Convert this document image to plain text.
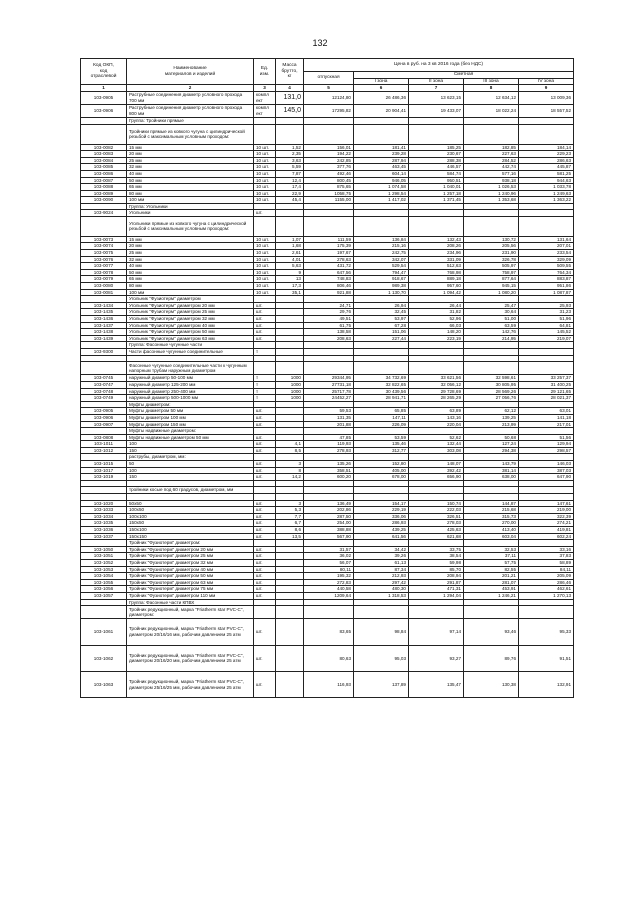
132
Код ОКП,
код
отраслевой	Наименование
материалов и изделий	Ед.
изм.	Масса
брутто,
кг	Цена в руб. на 3 кв 2016 года (без НДС)				
				отпускная	Сметная			
					I зона	II зона	III зона	IV зона
1	2	3	4	5	6	7	8	9
103-0905	Раструбные соединения диаметр условного прохода 700 мм	компл ект	131,0	12124,80	26 486,36	13 623,15	12 634,12	13 009,36
103-0906	Раструбные соединения диаметр условного прохода 800 мм	компл ект	145,0	17295,82	20 904,41	19 433,07	18 022,24	18 557,52
	Группа: Тройники прямые							
	Тройники прямые из ковкого чугуна с цилиндрической резьбой с максимальным условным проходом:							
103-0082	15 мм	10 шт.	1,52	156,01	181,41	185,25	182,85	184,14
103-0083	20 мм	10 шт.	2,35	194,22	239,28	230,67	227,63	229,23
103-0084	25 мм	10 шт.	3,63	242,85	287,94	288,38	284,52	286,63
103-0085	32 мм	10 шт.	5,59	377,76	463,45	446,57	442,74	445,87
103-0086	40 мм	10 шт.	7,87	492,46	604,14	584,74	577,16	581,25
103-0087	50 мм	10 шт.	12,4	800,45	946,05	950,51	938,18	944,63
103-0088	65 мм	10 шт.	17,4	875,65	1 074,58	1 040,01	1 026,53	1 033,78
103-0089	80 мм	10 шт.	22,9	1058,75	1 298,54	1 257,18	1 240,96	1 249,63
103-0090	100 мм	10 шт.	45,4	1155,00	1 417,02	1 371,45	1 353,68	1 363,22
	Группа: Угольники							
103-9024	Угольники	шт.						
	Угольники прямые из ковкого чугуна с цилиндрической резьбой с максимальным условным проходом:							
103-0073	15 мм	10 шт.	1,07	111,59	136,84	132,43	130,72	131,64
103-0074	20 мм	10 шт.	1,68	175,39	215,16	208,26	205,56	207,01
103-0075	25 мм	10 шт.	2,61	197,67	242,75	234,96	231,90	233,54
103-0076	32 мм	10 шт.	4,01	278,63	342,07	331,09	326,78	329,09
103-0077	40 мм	10 шт.	5,63	431,72	529,54	512,63	505,97	509,55
103-0078	50 мм	10 шт.	9	647,56	794,47	768,98	758,97	764,34
103-0079	65 мм	10 шт.	13	748,83	918,67	889,18	877,64	883,87
103-0080	80 мм	10 шт.	17,3	806,46	989,38	957,60	945,15	951,86
103-0081	100 мм	10 шт.	35,1	921,88	1 130,70	1 094,42	1 080,20	1 087,87
	Угольник "Фузиотерм" диаметром							
103-1434	Угольник "Фузиотерм" диаметром 20 мм	шт.		24,71	26,94	26,44	25,47	25,93
103-1435	Угольник "Фузиотерм" диаметром 25 мм	шт.		29,76	32,45	31,82	30,64	31,23
103-1436	Угольник "Фузиотерм" диаметром 32 мм	шт.		49,51	53,97	52,96	51,00	51,96
103-1437	Угольник "Фузиотерм" диаметром 40 мм	шт.		61,75	67,28	66,03	63,59	64,81
103-1438	Угольник "Фузиотерм" диаметром 50 мм	шт.		138,58	151,06	148,20	142,76	145,52
103-1439	Угольник "Фузиотерм" диаметром 63 мм	шт.		208,63	227,44	223,19	214,95	219,07
	Группа: Фасонные чугунные части							
103-9300	Части фасонные чугунные соединительные	т						

	Фасонные чугунные соединительные части к чугунным напорным трубам наружным диаметром							
103-0745	наружный диаметр 50-100 мм	т	1000	29344,95	34 732,69	33 621,56	32 598,61	33 257,37
103-0747	наружный диаметр 125-200 мм	т	1000	27731,18	32 822,65	32 056,12	30 805,95	31 400,25
103-0748	наружный диаметр 250-400 мм	т	1000	25717,78	30 439,56	29 728,69	28 569,26	29 121,65
103-0749	наружный диаметр 500-1000 мм	т	1000	24452,27	28 941,71	28 265,29	27 056,76	28 021,37
	Муфты диаметром:							
103-0905	Муфты диаметром 50 мм	шт.		59,53	65,85	63,89	62,12	63,01
103-0906	Муфты диаметром 100 мм	шт.		131,35	147,11	143,16	139,25	141,18
103-0907	Муфты диаметром 150 мм	шт.		201,88	226,09	220,04	213,99	217,01
	Муфты надвижные диаметром:							
103-0808	Муфты надвижные диаметром 50 мм	шт.		47,85	53,59	52,62	50,68	51,56
103-1011	100	шт.	4,1	119,93	135,46	132,44	127,24	129,94
103-1012	150	шт.	8,5	278,93	312,77	303,08	294,38	298,57
	раструбы, диаметром, мм:							
103-1015	50	шт.	3	135,26	152,80	148,07	143,79	146,03
103-1017	100	шт.	8	358,51	405,00	392,42	381,14	387,03
103-1019	150	шт.	14,2	600,20	678,00	656,90	638,00	647,90

	тройники косые под 60 градусов, диаметром, мм							

103-1020	50х50	шт.	3	136,49	154,17	150,74	144,87	147,61
103-1033	100х50	шт.	5,3	202,86	229,19	222,03	215,68	219,00
103-1034	100х100	шт.	7,7	287,50	336,06	326,51	315,73	322,39
103-1035	150х50	шт.	6,7	254,00	286,93	278,03	270,00	274,21
103-1036	150х100	шт.	8,6	388,88	439,25	425,63	413,40	419,81
103-1037	150х150	шт.	13,5	567,90	641,56	621,68	603,04	602,24
	Тройник "Фузиотерм" диаметром:							
103-1050	Тройник "Фузиотерм" диаметром 20 мм	шт.		31,57	34,42	33,75	32,53	33,16
103-1051	Тройник "Фузиотерм" диаметром 25 мм	шт.		36,02	39,26	38,54	37,11	37,83
103-1052	Тройник "Фузиотерм" диаметром 32 мм	шт.		56,07	61,13	59,98	57,75	58,89
103-1053	Тройник "Фузиотерм" диаметром 40 мм	шт.		80,11	87,34	85,70	82,55	84,11
103-1054	Тройник "Фузиотерм" диаметром 50 мм	шт.		195,32	212,93	208,94	201,21	205,09
103-1055	Тройник "Фузиотерм" диаметром 63 мм	шт.		272,83	297,42	291,87	281,07	286,46
103-1056	Тройник "Фузиотерм" диаметром 75 мм	шт.		440,58	480,30	471,31	453,91	462,61
103-1057	Тройник "Фузиотерм" диаметром 110 мм	шт.		1209,64	1 318,53	1 294,04	1 246,21	1 270,13
	Группа: Фасонные части КПВХ							
	Тройник редукционный, марка "Friatherm star PVC-C", диаметром:							
103-1061	Тройник редукционный, марка "Friatherm star PVC-C", диаметром 20/16/16 мм, рабочим давлением 25 атм	шт.		83,65	98,84	97,14	93,46	95,33
103-1062	Тройник редукционный, марка "Friatherm star PVC-C", диаметром 20/16/20 мм, рабочим давлением 25 атм	шт.		80,63	95,03	93,27	89,76	91,51
103-1063	Тройник редукционный, марка "Friatherm star PVC-C", диаметром 25/16/25 мм, рабочим давлением 25 атм	шт.		116,93	137,89	135,47	130,38	132,91
